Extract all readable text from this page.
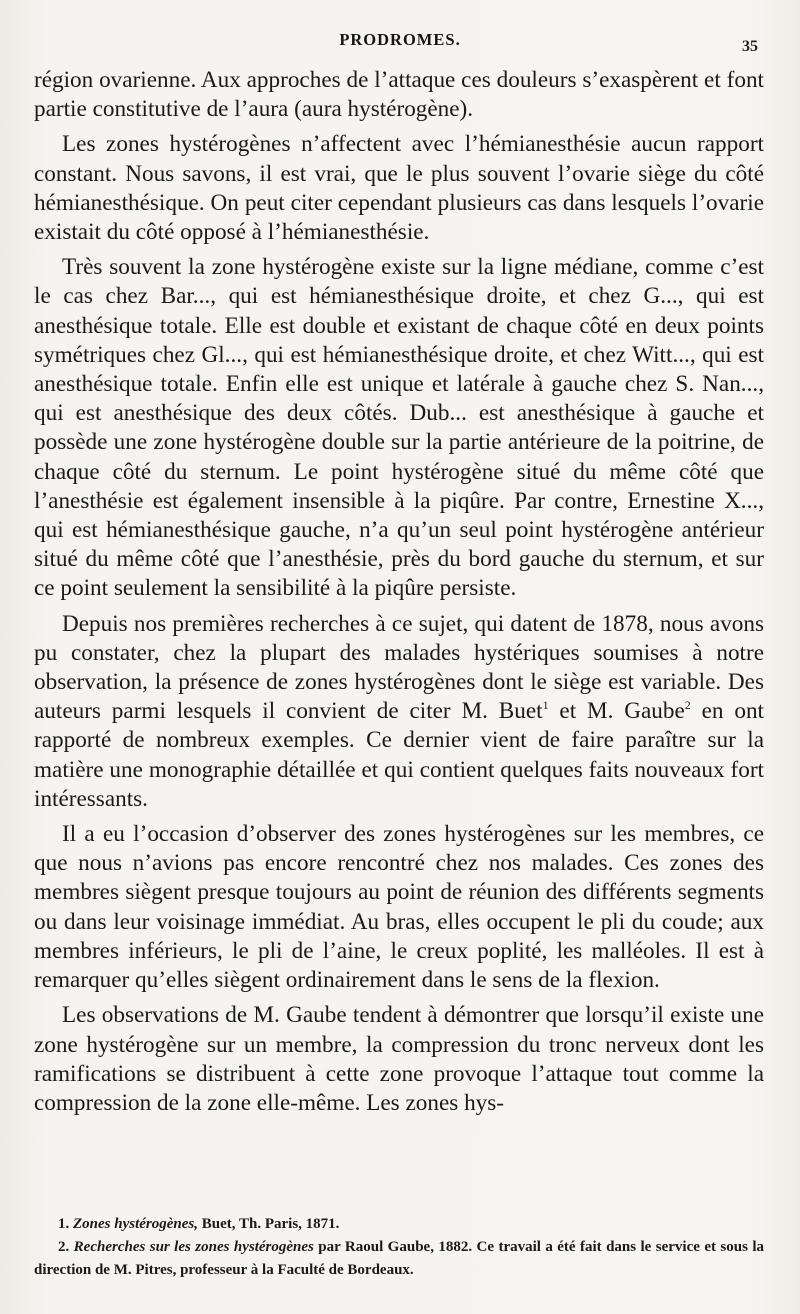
PRODROMES.	35

région ovarienne. Aux approches de l’attaque ces douleurs s’exaspèrent et font partie constitutive de l’aura (aura hystérogène).

Les zones hystérogènes n’affectent avec l’hémianesthésie aucun rapport constant. Nous savons, il est vrai, que le plus souvent l’ovarie siège du côté hémianesthésique. On peut citer cependant plusieurs cas dans lesquels l’ovarie existait du côté opposé à l’hémianesthésie.

Très souvent la zone hystérogène existe sur la ligne médiane, comme c’est le cas chez Bar..., qui est hémianesthésique droite, et chez G..., qui est anesthésique totale. Elle est double et existant de chaque côté en deux points symétriques chez Gl..., qui est hémianesthésique droite, et chez Witt..., qui est anesthésique totale. Enfin elle est unique et latérale à gauche chez S. Nan..., qui est anesthésique des deux côtés. Dub... est anesthésique à gauche et possède une zone hystérogène double sur la partie antérieure de la poitrine, de chaque côté du sternum. Le point hystérogène situé du même côté que l’anesthésie est également insensible à la piqûre. Par contre, Ernestine X..., qui est hémianesthésique gauche, n’a qu’un seul point hystérogène antérieur situé du même côté que l’anesthésie, près du bord gauche du sternum, et sur ce point seulement la sensibilité à la piqûre persiste.

Depuis nos premières recherches à ce sujet, qui datent de 1878, nous avons pu constater, chez la plupart des malades hystériques soumises à notre observation, la présence de zones hystérogènes dont le siège est variable. Des auteurs parmi lesquels il convient de citer M. Buet$^1$ et M. Gaube$^2$ en ont rapporté de nombreux exemples. Ce dernier vient de faire paraître sur la matière une monographie détaillée et qui contient quelques faits nouveaux fort intéressants.

Il a eu l’occasion d’observer des zones hystérogènes sur les membres, ce que nous n’avions pas encore rencontré chez nos malades. Ces zones des membres siègent presque toujours au point de réunion des différents segments ou dans leur voisinage immédiat. Au bras, elles occupent le pli du coude; aux membres inférieurs, le pli de l’aine, le creux poplité, les malléoles. Il est à remarquer qu’elles siègent ordinairement dans le sens de la flexion.

Les observations de M. Gaube tendent à démontrer que lorsqu’il existe une zone hystérogène sur un membre, la compression du tronc nerveux dont les ramifications se distribuent à cette zone provoque l’attaque tout comme la compression de la zone elle-même. Les zones hys-

1. Zones hystérogènes, Buet, Th. Paris, 1871.

2. Recherches sur les zones hystérogènes par Raoul Gaube, 1882. Ce travail a été fait dans le service et sous la direction de M. Pitres, professeur à la Faculté de Bordeaux.
